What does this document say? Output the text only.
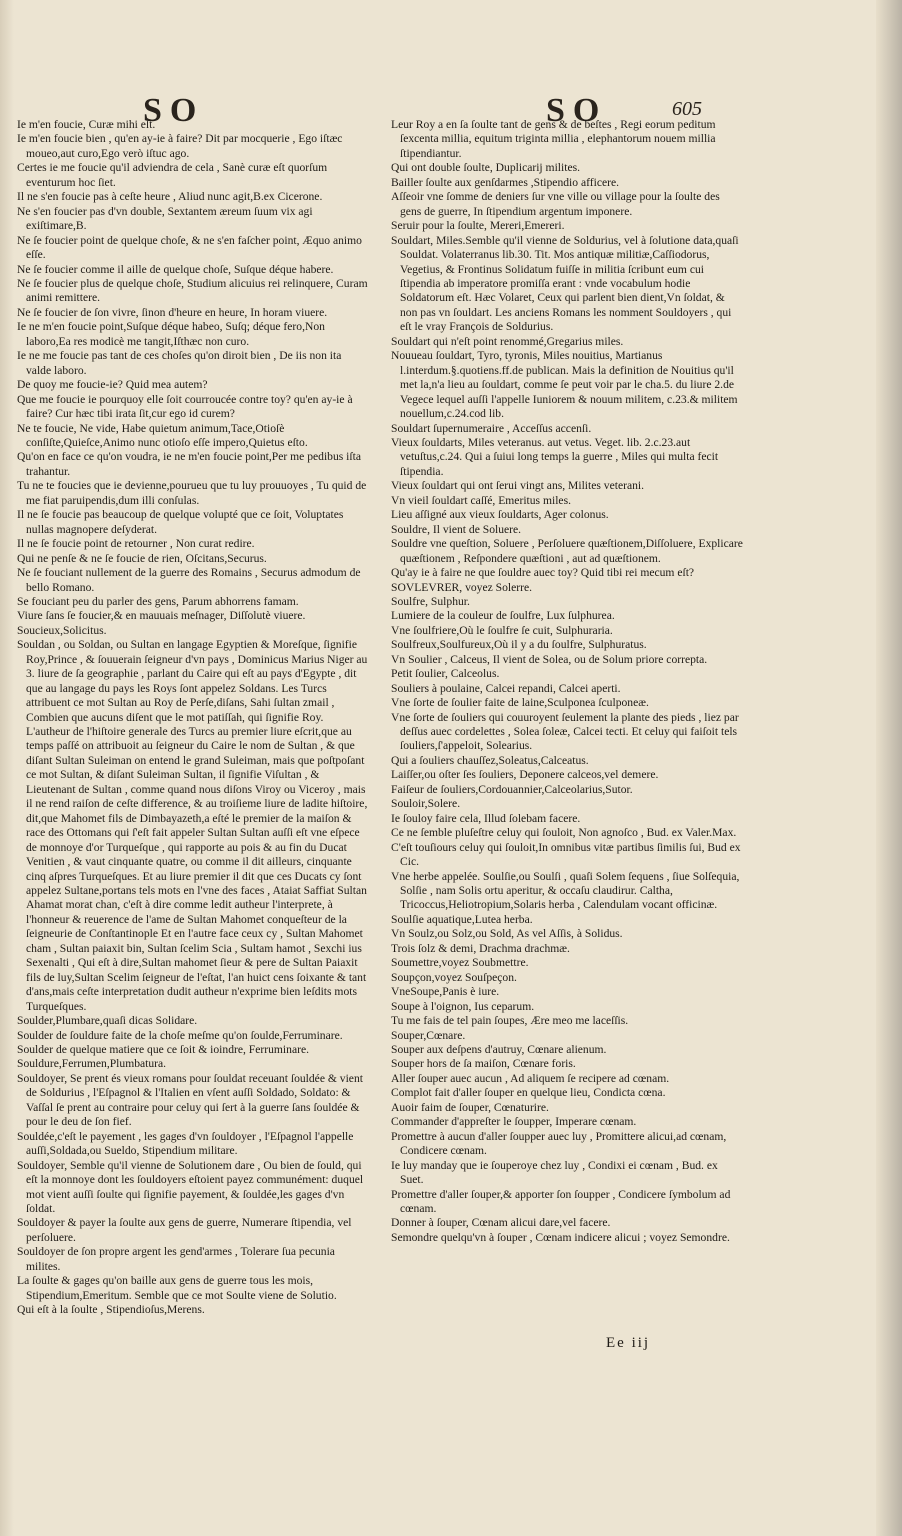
SO	SO	605

Ie m'en foucie, Curæ mihi eſt.

Ie m'en foucie bien , qu'en ay-ie à faire? Dit par mocquerie , Ego iſtæc moueo,aut curo,Ego verò iſtuc ago.

Certes ie me foucie qu'il adviendra de cela , Sanè curæ eſt quorſum eventurum hoc ſiet.

Il ne s'en foucie pas à ceſte heure , Aliud nunc agit,B.ex Cicerone.

Ne s'en foucier pas d'vn double, Sextantem æreum ſuum vix agi exiſtimare,B.

Ne ſe foucier point de quelque choſe, & ne s'en faſcher point, Æquo animo eſſe.

Ne ſe foucier comme il aille de quelque choſe, Suſque déque habere.

Ne ſe foucier plus de quelque choſe, Studium alicuius rei relinquere, Curam animi remittere.

Ne ſe foucier de ſon vivre, ſinon d'heure en heure, In horam viuere.

Ie ne m'en foucie point,Suſque déque habeo, Suſq; déque fero,Non laboro,Ea res modicè me tangit,Iſthæc non curo.

Ie ne me foucie pas tant de ces choſes qu'on diroit bien , De iis non ita valde laboro.

De quoy me foucie-ie? Quid mea autem?

Que me foucie ie pourquoy elle ſoit courroucée contre toy? qu'en ay-ie à faire? Cur hæc tibi irata ſit,cur ego id curem?

Ne te foucie, Ne vide, Habe quietum animum,Tace,Otioſè conſiſte,Quieſce,Animo nunc otioſo eſſe impero,Quietus eſto.

Qu'on en face ce qu'on voudra, ie ne m'en foucie point,Per me pedibus iſta trahantur.

Tu ne te foucies que ie devienne,pourueu que tu luy prouuoyes , Tu quid de me fiat paruipendis,dum illi conſulas.

Il ne ſe foucie pas beaucoup de quelque volupté que ce ſoit, Voluptates nullas magnopere deſyderat.

Il ne ſe foucie point de retourner , Non curat redire.

Qui ne penſe & ne ſe foucie de rien, Oſcitans,Securus.

Ne ſe fouciant nullement de la guerre des Romains , Securus admodum de bello Romano.

Se fouciant peu du parler des gens, Parum abhorrens famam.

Viure ſans ſe foucier,& en mauuais meſnager, Diſſolutè viuere.

Soucieux,Solicitus.

Souldan , ou Soldan, ou Sultan en langage Egyptien & Moreſque, ſignifie Roy,Prince , & ſouuerain ſeigneur d'vn pays , Dominicus Marius Niger au 3. liure de ſa geographie , parlant du Caire qui eſt au pays d'Egypte , dit que au langage du pays les Roys ſont appelez Soldans. Les Turcs attribuent ce mot Sultan au Roy de Perſe,diſans, Sahi ſultan zmail , Combien que aucuns diſent que le mot patiſſah, qui ſignifie Roy. L'autheur de l'hiſtoire generale des Turcs au premier liure eſcrit,que au temps paſſé on attribuoit au ſeigneur du Caire le nom de Sultan , & que diſant Sultan Suleiman on entend le grand Suleiman, mais que poſtpoſant ce mot Sultan, & diſant Suleiman Sultan, il ſignifie Viſultan , & Lieutenant de Sultan , comme quand nous diſons Viroy ou Viceroy , mais il ne rend raiſon de ceſte difference, & au troiſieme liure de ladite hiſtoire, dit,que Mahomet fils de Dimbayazeth,a eſté le premier de la maiſon & race des Ottomans qui ſ'eſt fait appeler Sultan Sultan auſſi eſt vne eſpece de monnoye d'or Turqueſque , qui rapporte au pois & au fin du Ducat Venitien , & vaut cinquante quatre, ou comme il dit ailleurs, cinquante cinq aſpres Turqueſques. Et au liure premier il dit que ces Ducats cy ſont appelez Sultane,portans tels mots en l'vne des faces , Ataiat Saffiat Sultan Ahamat morat chan, c'eſt à dire comme ledit autheur l'interprete, à l'honneur & reuerence de l'ame de Sultan Mahomet conqueſteur de la ſeigneurie de Conſtantinople Et en l'autre face ceux cy , Sultan Mahomet cham , Sultan paiaxit bin, Sultan ſcelim Scia , Sultam hamot , Sexchi ius Sexenalti , Qui eſt à dire,Sultan mahomet ſieur & pere de Sultan Paiaxit fils de luy,Sultan Scelim ſeigneur de l'eſtat, l'an huict cens ſoixante & tant d'ans,mais ceſte interpretation dudit autheur n'exprime bien leſdits mots Turqueſques.

Soulder,Plumbare,quaſi dicas Solidare.

Soulder de ſouldure faite de la choſe meſme qu'on ſoulde,Ferruminare.

Soulder de quelque matiere que ce ſoit & ioindre, Ferruminare.

Souldure,Ferrumen,Plumbatura.

Souldoyer, Se prent és vieux romans pour ſouldat receuant ſouldée & vient de Soldurius , l'Eſpagnol & l'Italien en vſent auſſi Soldado, Soldato: & Vaſſal ſe prent au contraire pour celuy qui ſert à la guerre ſans ſouldée & pour le deu de ſon fief.

Souldée,c'eſt le payement , les gages d'vn ſouldoyer , l'Eſpagnol l'appelle auſſi,Soldada,ou Sueldo, Stipendium militare.

Souldoyer, Semble qu'il vienne de Solutionem dare , Ou bien de ſould, qui eſt la monnoye dont les ſouldoyers eſtoient payez communément: duquel mot vient auſſi ſoulte qui ſignifie payement, & ſouldée,les gages d'vn ſoldat.

Souldoyer & payer la ſoulte aux gens de guerre, Numerare ſtipendia, vel perſoluere.

Souldoyer de ſon propre argent les gend'armes , Tolerare ſua pecunia milites.

La ſoulte & gages qu'on baille aux gens de guerre tous les mois, Stipendium,Emeritum. Semble que ce mot Soulte viene de Solutio.

Qui eſt à la ſoulte , Stipendioſus,Merens.

Leur Roy a en ſa ſoulte tant de gens & de beſtes , Regi eorum peditum ſexcenta millia, equitum triginta millia , elephantorum nouem millia ſtipendiantur.

Qui ont double ſoulte, Duplicarij milites.

Bailler ſoulte aux genſdarmes ,Stipendio afficere.

Aſſeoir vne ſomme de deniers ſur vne ville ou village pour la ſoulte des gens de guerre, In ſtipendium argentum imponere.

Seruir pour la ſoulte, Mereri,Emereri.

Souldart, Miles.Semble qu'il vienne de Soldurius, vel à ſolutione data,quaſi Souldat. Volaterranus lib.30. Tit. Mos antiquæ militiæ,Caſſiodorus, Vegetius, & Frontinus Solidatum fuiſſe in militia ſcribunt eum cui ſtipendia ab imperatore promiſſa erant : vnde vocabulum hodie Soldatorum eſt. Hæc Volaret, Ceux qui parlent bien dient,Vn ſoldat, & non pas vn ſouldart. Les anciens Romans les nomment Souldoyers , qui eſt le vray François de Soldurius.

Souldart qui n'eſt point renommé,Gregarius miles.

Nouueau ſouldart, Tyro, tyronis, Miles nouitius, Martianus l.interdum.§.quotiens.ff.de publican. Mais la definition de Nouitius qu'il met la,n'a lieu au ſouldart, comme ſe peut voir par le cha.5. du liure 2.de Vegece lequel auſſi l'appelle Iuniorem & nouum militem, c.23.& militem nouellum,c.24.cod lib.

Souldart ſupernumeraire , Acceſſus accenſi.

Vieux ſouldarts, Miles veteranus. aut vetus. Veget. lib. 2.c.23.aut vetuſtus,c.24. Qui a ſuiui long temps la guerre , Miles qui multa fecit ſtipendia.

Vieux ſouldart qui ont ſerui vingt ans, Milites veterani.

Vn vieil ſouldart caſſé, Emeritus miles.

Lieu aſſigné aux vieux ſouldarts, Ager colonus.

Souldre, Il vient de Soluere.

Souldre vne queſtion, Soluere , Perſoluere quæſtionem,Diſſoluere, Explicare quæſtionem , Reſpondere quæſtioni , aut ad quæſtionem.

Qu'ay ie à faire ne que ſouldre auec toy? Quid tibi rei mecum eſt?

SOVLEVRER, voyez Solerre.

Soulfre, Sulphur.

Lumiere de la couleur de ſoulfre, Lux ſulphurea.

Vne ſoulfriere,Où le ſoulfre ſe cuit, Sulphuraria.

Soulfreux,Soulfureux,Où il y a du ſoulfre, Sulphuratus.

Vn Soulier , Calceus, Il vient de Solea, ou de Solum priore correpta.

Petit ſoulier, Calceolus.

Souliers à poulaine, Calcei repandi, Calcei aperti.

Vne ſorte de ſoulier faite de laine,Sculponea ſculponeæ.

Vne ſorte de ſouliers qui couuroyent ſeulement la plante des pieds , liez par deſſus auec cordelettes , Solea ſoleæ, Calcei tecti. Et celuy qui faiſoit tels ſouliers,ſ'appeloit, Solearius.

Qui a ſouliers chauſſez,Soleatus,Calceatus.

Laiſſer,ou oſter ſes ſouliers, Deponere calceos,vel demere.

Faiſeur de ſouliers,Cordouannier,Calceolarius,Sutor.

Souloir,Solere.

Ie ſouloy faire cela, Illud ſolebam facere.

Ce ne ſemble pluſeſtre celuy qui ſouloit, Non agnoſco , Bud. ex Valer.Max.

C'eſt touſiours celuy qui ſouloit,In omnibus vitæ partibus ſimilis ſui, Bud ex Cic.

Vne herbe appelée. Soulſie,ou Soulſi , quaſi Solem ſequens , ſiue Solſequia, Solſie , nam Solis ortu aperitur, & occaſu claudirur. Caltha, Tricoccus,Heliotropium,Solaris herba , Calendulam vocant officinæ.

Soulſie aquatique,Lutea herba.

Vn Soulz,ou Solz,ou Sold, As vel Aſſis, à Solidus.

Trois ſolz & demi, Drachma drachmæ.

Soumettre,voyez Soubmettre.

Soupçon,voyez Souſpeçon.

VneSoupe,Panis è iure.

Soupe à l'oignon, Ius ceparum.

Tu me fais de tel pain ſoupes, Ære meo me laceſſis.

Souper,Cœnare.

Souper aux deſpens d'autruy, Cœnare alienum.

Souper hors de ſa maiſon, Cœnare foris.

Aller ſouper auec aucun , Ad aliquem ſe recipere ad cœnam.

Complot fait d'aller ſouper en quelque lieu, Condicta cœna.

Auoir faim de ſouper, Cœnaturire.

Commander d'appreſter le ſoupper, Imperare cœnam.

Promettre à aucun d'aller ſoupper auec luy , Promittere alicui,ad cœnam, Condicere cœnam.

Ie luy manday que ie ſouperoye chez luy , Condixi ei cœnam , Bud. ex Suet.

Promettre d'aller ſouper,& apporter ſon ſoupper , Condicere ſymbolum ad cœnam.

Donner à ſouper, Cœnam alicui dare,vel facere.

Semondre quelqu'vn à ſouper , Cœnam indicere alicui ; voyez Semondre.

Ee iij
